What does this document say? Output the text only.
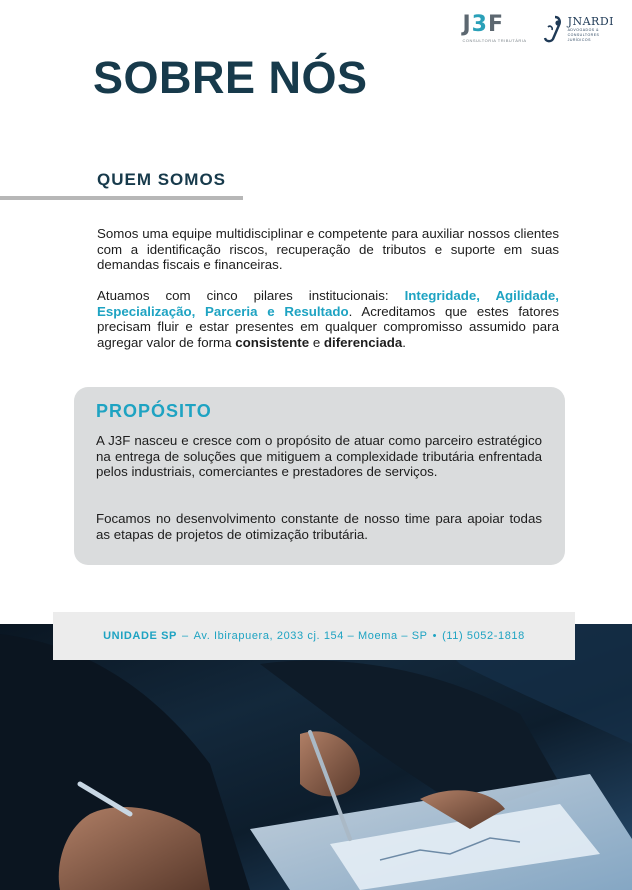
J3F
CONSULTORIA TRIBUTÁRIA
JNARDI
ADVOGADOS &
CONSULTORES
JURÍDICOS
SOBRE NÓS
QUEM SOMOS

Somos uma equipe multidisciplinar e competente para auxiliar nossos clientes com a identificação riscos, recuperação de tributos e suporte em suas demandas fiscais e financeiras.

Atuamos com cinco pilares institucionais: Integridade, Agilidade, Especialização, Parceria e Resultado. Acreditamos que estes fatores precisam fluir e estar presentes em qualquer compromisso assumido para agregar valor de forma consistente e diferenciada.

PROPÓSITO

A J3F nasceu e cresce com o propósito de atuar como parceiro estratégico na entrega de soluções que mitiguem a complexidade tributária enfrentada pelos industriais, comerciantes e prestadores de serviços.

Focamos no desenvolvimento constante de nosso time para apoiar todas as etapas de projetos de otimização tributária.

UNIDADE SP – Av. Ibirapuera, 2033 cj. 154 – Moema – SP • (11) 5052-1818
